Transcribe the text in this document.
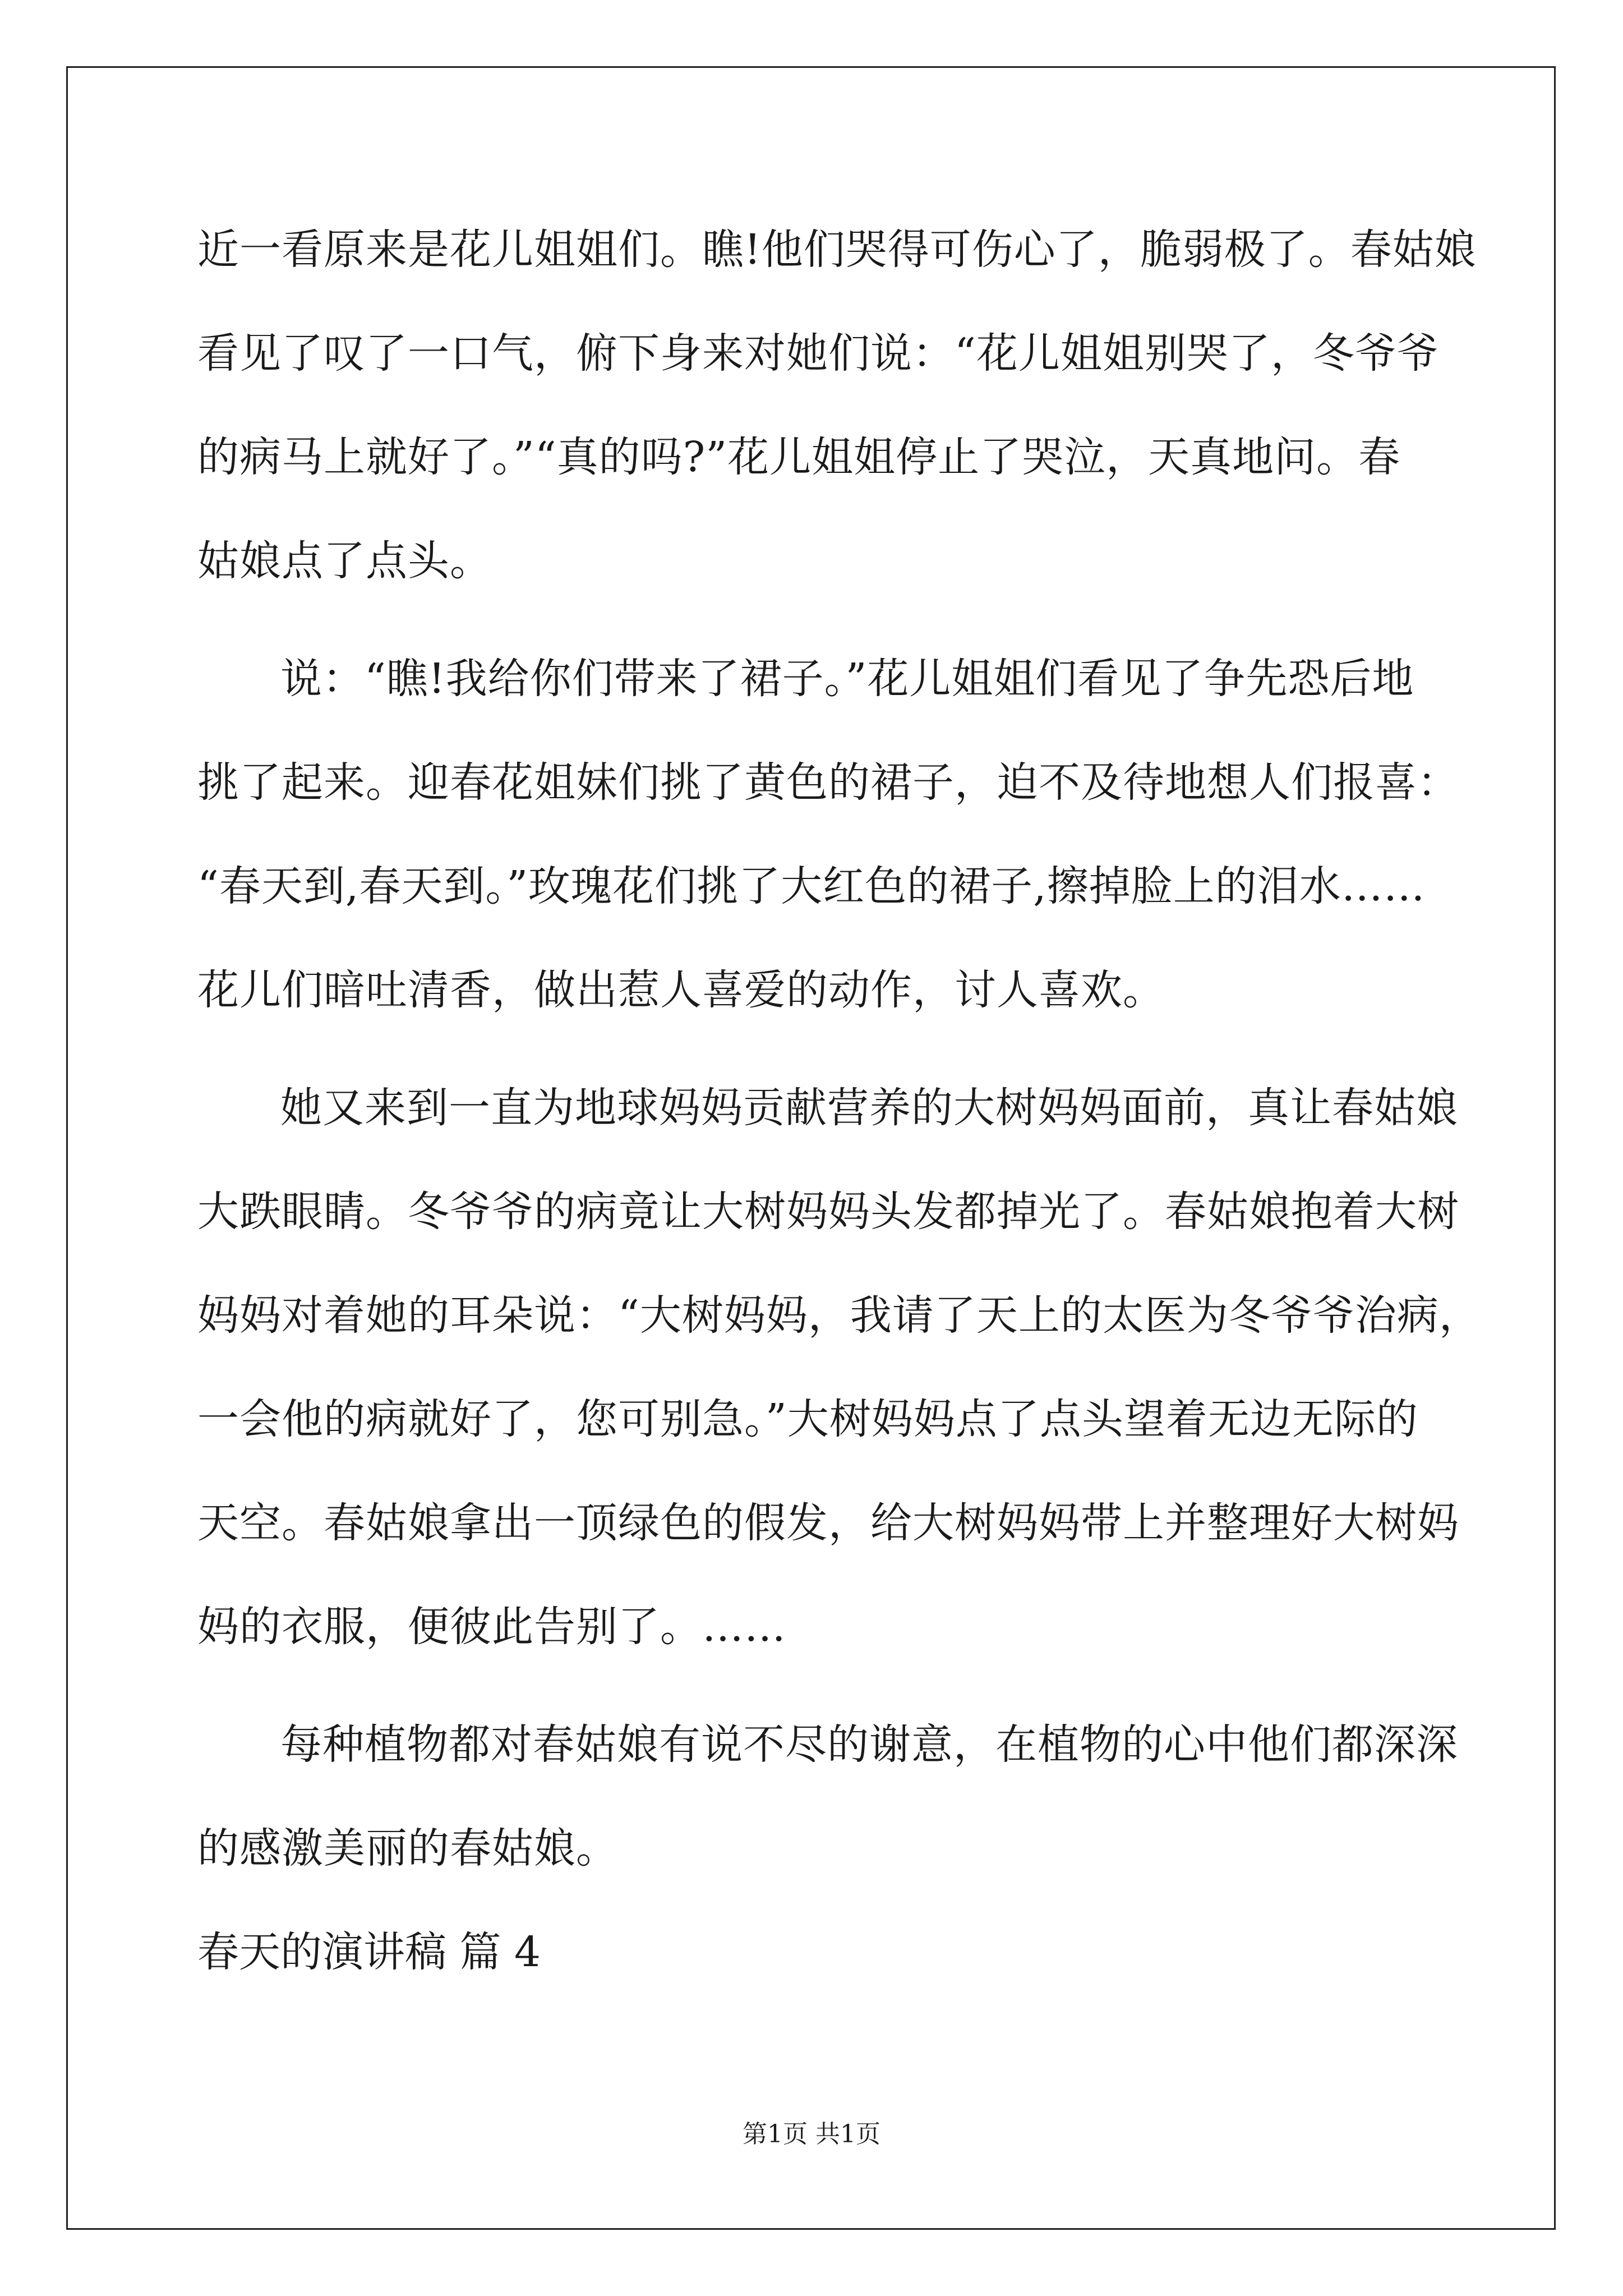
近一看原来是花儿姐姐们。瞧!他们哭得可伤心了，脆弱极了。春姑娘
看见了叹了一口气，俯下身来对她们说：“花儿姐姐别哭了，冬爷爷
的病马上就好了。”“真的吗?”花儿姐姐停止了哭泣，天真地问。春
姑娘点了点头。
说：“瞧!我给你们带来了裙子。”花儿姐姐们看见了争先恐后地
挑了起来。迎春花姐妹们挑了黄色的裙子，迫不及待地想人们报喜：
“春天到,春天到。”玫瑰花们挑了大红色的裙子,擦掉脸上的泪水……
花儿们暗吐清香，做出惹人喜爱的动作，讨人喜欢。
她又来到一直为地球妈妈贡献营养的大树妈妈面前，真让春姑娘
大跌眼睛。冬爷爷的病竟让大树妈妈头发都掉光了。春姑娘抱着大树
妈妈对着她的耳朵说：“大树妈妈，我请了天上的太医为冬爷爷治病，
一会他的病就好了，您可别急。”大树妈妈点了点头望着无边无际的
天空。春姑娘拿出一顶绿色的假发，给大树妈妈带上并整理好大树妈
妈的衣服，便彼此告别了。……
每种植物都对春姑娘有说不尽的谢意，在植物的心中他们都深深
的感激美丽的春姑娘。
春天的演讲稿 篇 4
第1页 共1页
